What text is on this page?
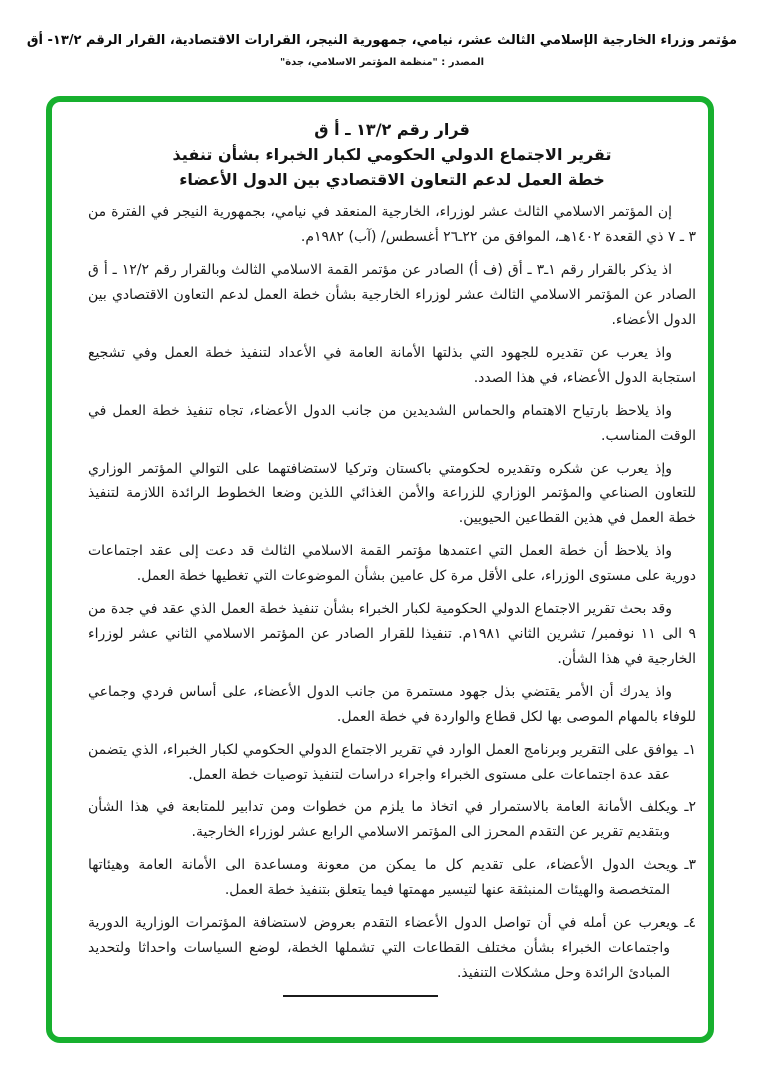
مؤتمر وزراء الخارجية الإسلامي الثالث عشر، نيامي، جمهورية النيجر، القرارات الاقتصادية، القرار الرقم ١٣/٢- أق
المصدر : "منظمة المؤتمر الاسلامي، جدة"
قرار رقم ١٣/٢ ـ أ ق
تقرير الاجتماع الدولي الحكومي لكبار الخبراء بشأن تنفيذ
خطة العمل لدعم التعاون الاقتصادي بين الدول الأعضاء

إن المؤتمر الاسلامي الثالث عشر لوزراء، الخارجية المنعقد في نيامي، بجمهورية النيجر في الفترة من ٣ ـ ٧ ذي القعدة ١٤٠٢هـ، الموافق من ٢٢ـ٢٦ أغسطس/ (آب) ١٩٨٢م.

اذ يذكر بالقرار رقم ١ـ٣ ـ أق (ف أ) الصادر عن مؤتمر القمة الاسلامي الثالث وبالقرار رقم ١٢/٢ ـ أ ق الصادر عن المؤتمر الاسلامي الثالث عشر لوزراء الخارجية بشأن خطة العمل لدعم التعاون الاقتصادي بين الدول الأعضاء.

واذ يعرب عن تقديره للجهود التي بذلتها الأمانة العامة في الأعداد لتنفيذ خطة العمل وفي تشجيع استجابة الدول الأعضاء، في هذا الصدد.

واذ يلاحظ بارتياح الاهتمام والحماس الشديدين من جانب الدول الأعضاء، تجاه تنفيذ خطة العمل في الوقت المناسب.

وإذ يعرب عن شكره وتقديره لحكومتي باكستان وتركيا لاستضافتهما على التوالي المؤتمر الوزاري للتعاون الصناعي والمؤتمر الوزاري للزراعة والأمن الغذائي اللذين وضعا الخطوط الرائدة اللازمة لتنفيذ خطة العمل في هذين القطاعين الحيويين.

واذ يلاحظ أن خطة العمل التي اعتمدها مؤتمر القمة الاسلامي الثالث قد دعت إلى عقد اجتماعات دورية على مستوى الوزراء، على الأقل مرة كل عامين بشأن الموضوعات التي تغطيها خطة العمل.

وقد بحث تقرير الاجتماع الدولي الحكومية لكبار الخبراء بشأن تنفيذ خطة العمل الذي عقد في جدة من ٩ الى ١١ نوفمبر/ تشرين الثاني ١٩٨١م. تنفيذا للقرار الصادر عن المؤتمر الاسلامي الثاني عشر لوزراء الخارجية في هذا الشأن.

واذ يدرك أن الأمر يقتضي بذل جهود مستمرة من جانب الدول الأعضاء، على أساس فردي وجماعي للوفاء بالمهام الموصى بها لكل قطاع والواردة في خطة العمل.

١ـيوافق على التقرير وبرنامج العمل الوارد في تقرير الاجتماع الدولي الحكومي لكبار الخبراء، الذي يتضمن عقد عدة اجتماعات على مستوى الخبراء واجراء دراسات لتنفيذ توصيات خطة العمل.
٢ـويكلف الأمانة العامة بالاستمرار في اتخاذ ما يلزم من خطوات ومن تدابير للمتابعة في هذا الشأن وبتقديم تقرير عن التقدم المحرز الى المؤتمر الاسلامي الرابع عشر لوزراء الخارجية.
٣ـويحث الدول الأعضاء، على تقديم كل ما يمكن من معونة ومساعدة الى الأمانة العامة وهيئاتها المتخصصة والهيئات المنبثقة عنها لتيسير مهمتها فيما يتعلق بتنفيذ خطة العمل.
٤ـويعرب عن أمله في أن تواصل الدول الأعضاء التقدم بعروض لاستضافة المؤتمرات الوزارية الدورية واجتماعات الخبراء بشأن مختلف القطاعات التي تشملها الخطة، لوضع السياسات واحداثا ولتحديد المبادئ الرائدة وحل مشكلات التنفيذ.
